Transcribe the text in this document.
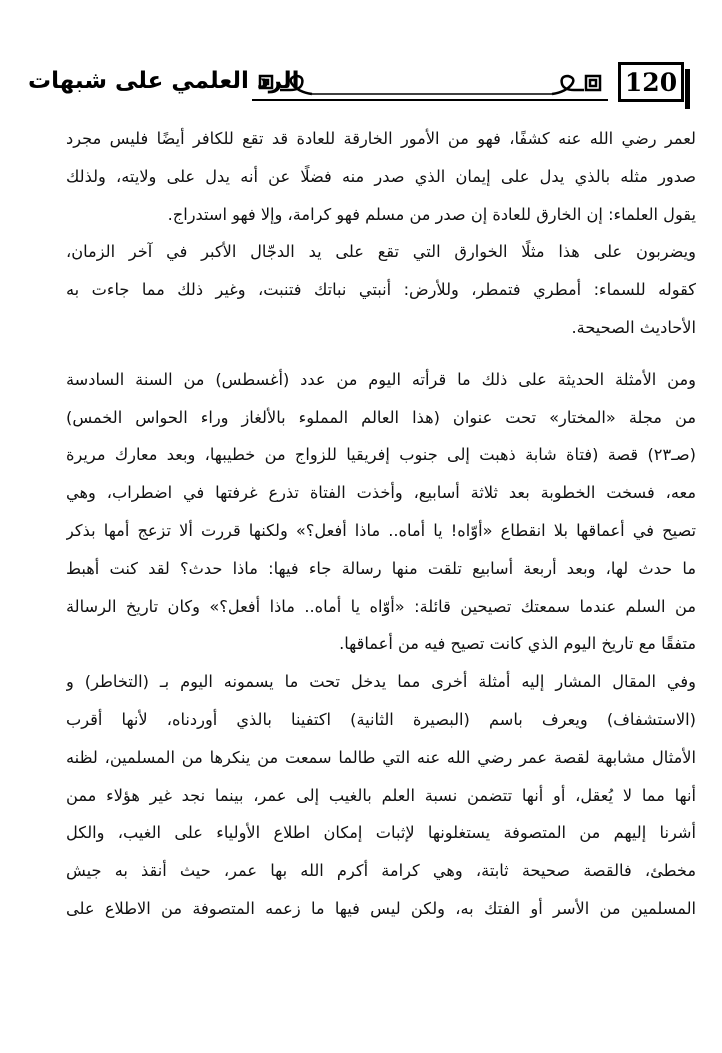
الرد العلمي على شبهات	120
لعمر رضي الله عنه كشفًا، فهو من الأمور الخارقة للعادة قد تقع للكافر أيضًا فليس مجرد
صدور مثله بالذي يدل على إيمان الذي صدر منه فضلًا عن أنه يدل على ولايته، ولذلك
يقول العلماء: إن الخارق للعادة إن صدر من مسلم فهو كرامة، وإلا فهو استدراج.
ويضربون على هذا مثلًا الخوارق التي تقع على يد الدجّال الأكبر في آخر الزمان،
كقوله للسماء: أمطري فتمطر، وللأرض: أنبتي نباتك فتنبت، وغير ذلك مما جاءت به
الأحاديث الصحيحة.
ومن الأمثلة الحديثة على ذلك ما قرأته اليوم من عدد (أغسطس) من السنة السادسة
من مجلة «المختار» تحت عنوان (هذا العالم المملوء بالألغاز وراء الحواس الخمس)
(صـ٢٣) قصة (فتاة شابة ذهبت إلى جنوب إفريقيا للزواج من خطيبها، وبعد معارك مريرة
معه، فسخت الخطوبة بعد ثلاثة أسابيع، وأخذت الفتاة تذرع غرفتها في اضطراب، وهي
تصيح في أعماقها بلا انقطاع «أوّاه! يا أماه.. ماذا أفعل؟» ولكنها قررت ألا تزعج أمها بذكر
ما حدث لها، وبعد أربعة أسابيع تلقت منها رسالة جاء فيها: ماذا حدث؟ لقد كنت أهبط
من السلم عندما سمعتك تصيحين قائلة: «أوّاه يا أماه.. ماذا أفعل؟» وكان تاريخ الرسالة
متفقًا مع تاريخ اليوم الذي كانت تصيح فيه من أعماقها.
وفي المقال المشار إليه أمثلة أخرى مما يدخل تحت ما يسمونه اليوم بـ (التخاطر) و
(الاستشفاف) ويعرف باسم (البصيرة الثانية) اكتفينا بالذي أوردناه، لأنها أقرب
الأمثال مشابهة لقصة عمر رضي الله عنه التي طالما سمعت من ينكرها من المسلمين، لظنه
أنها مما لا يُعقل، أو أنها تتضمن نسبة العلم بالغيب إلى عمر، بينما نجد غير هؤلاء ممن
أشرنا إليهم من المتصوفة يستغلونها لإثبات إمكان اطلاع الأولياء على الغيب، والكل
مخطئ، فالقصة صحيحة ثابتة، وهي كرامة أكرم الله بها عمر، حيث أنقذ به جيش
المسلمين من الأسر أو الفتك به، ولكن ليس فيها ما زعمه المتصوفة من الاطلاع على
